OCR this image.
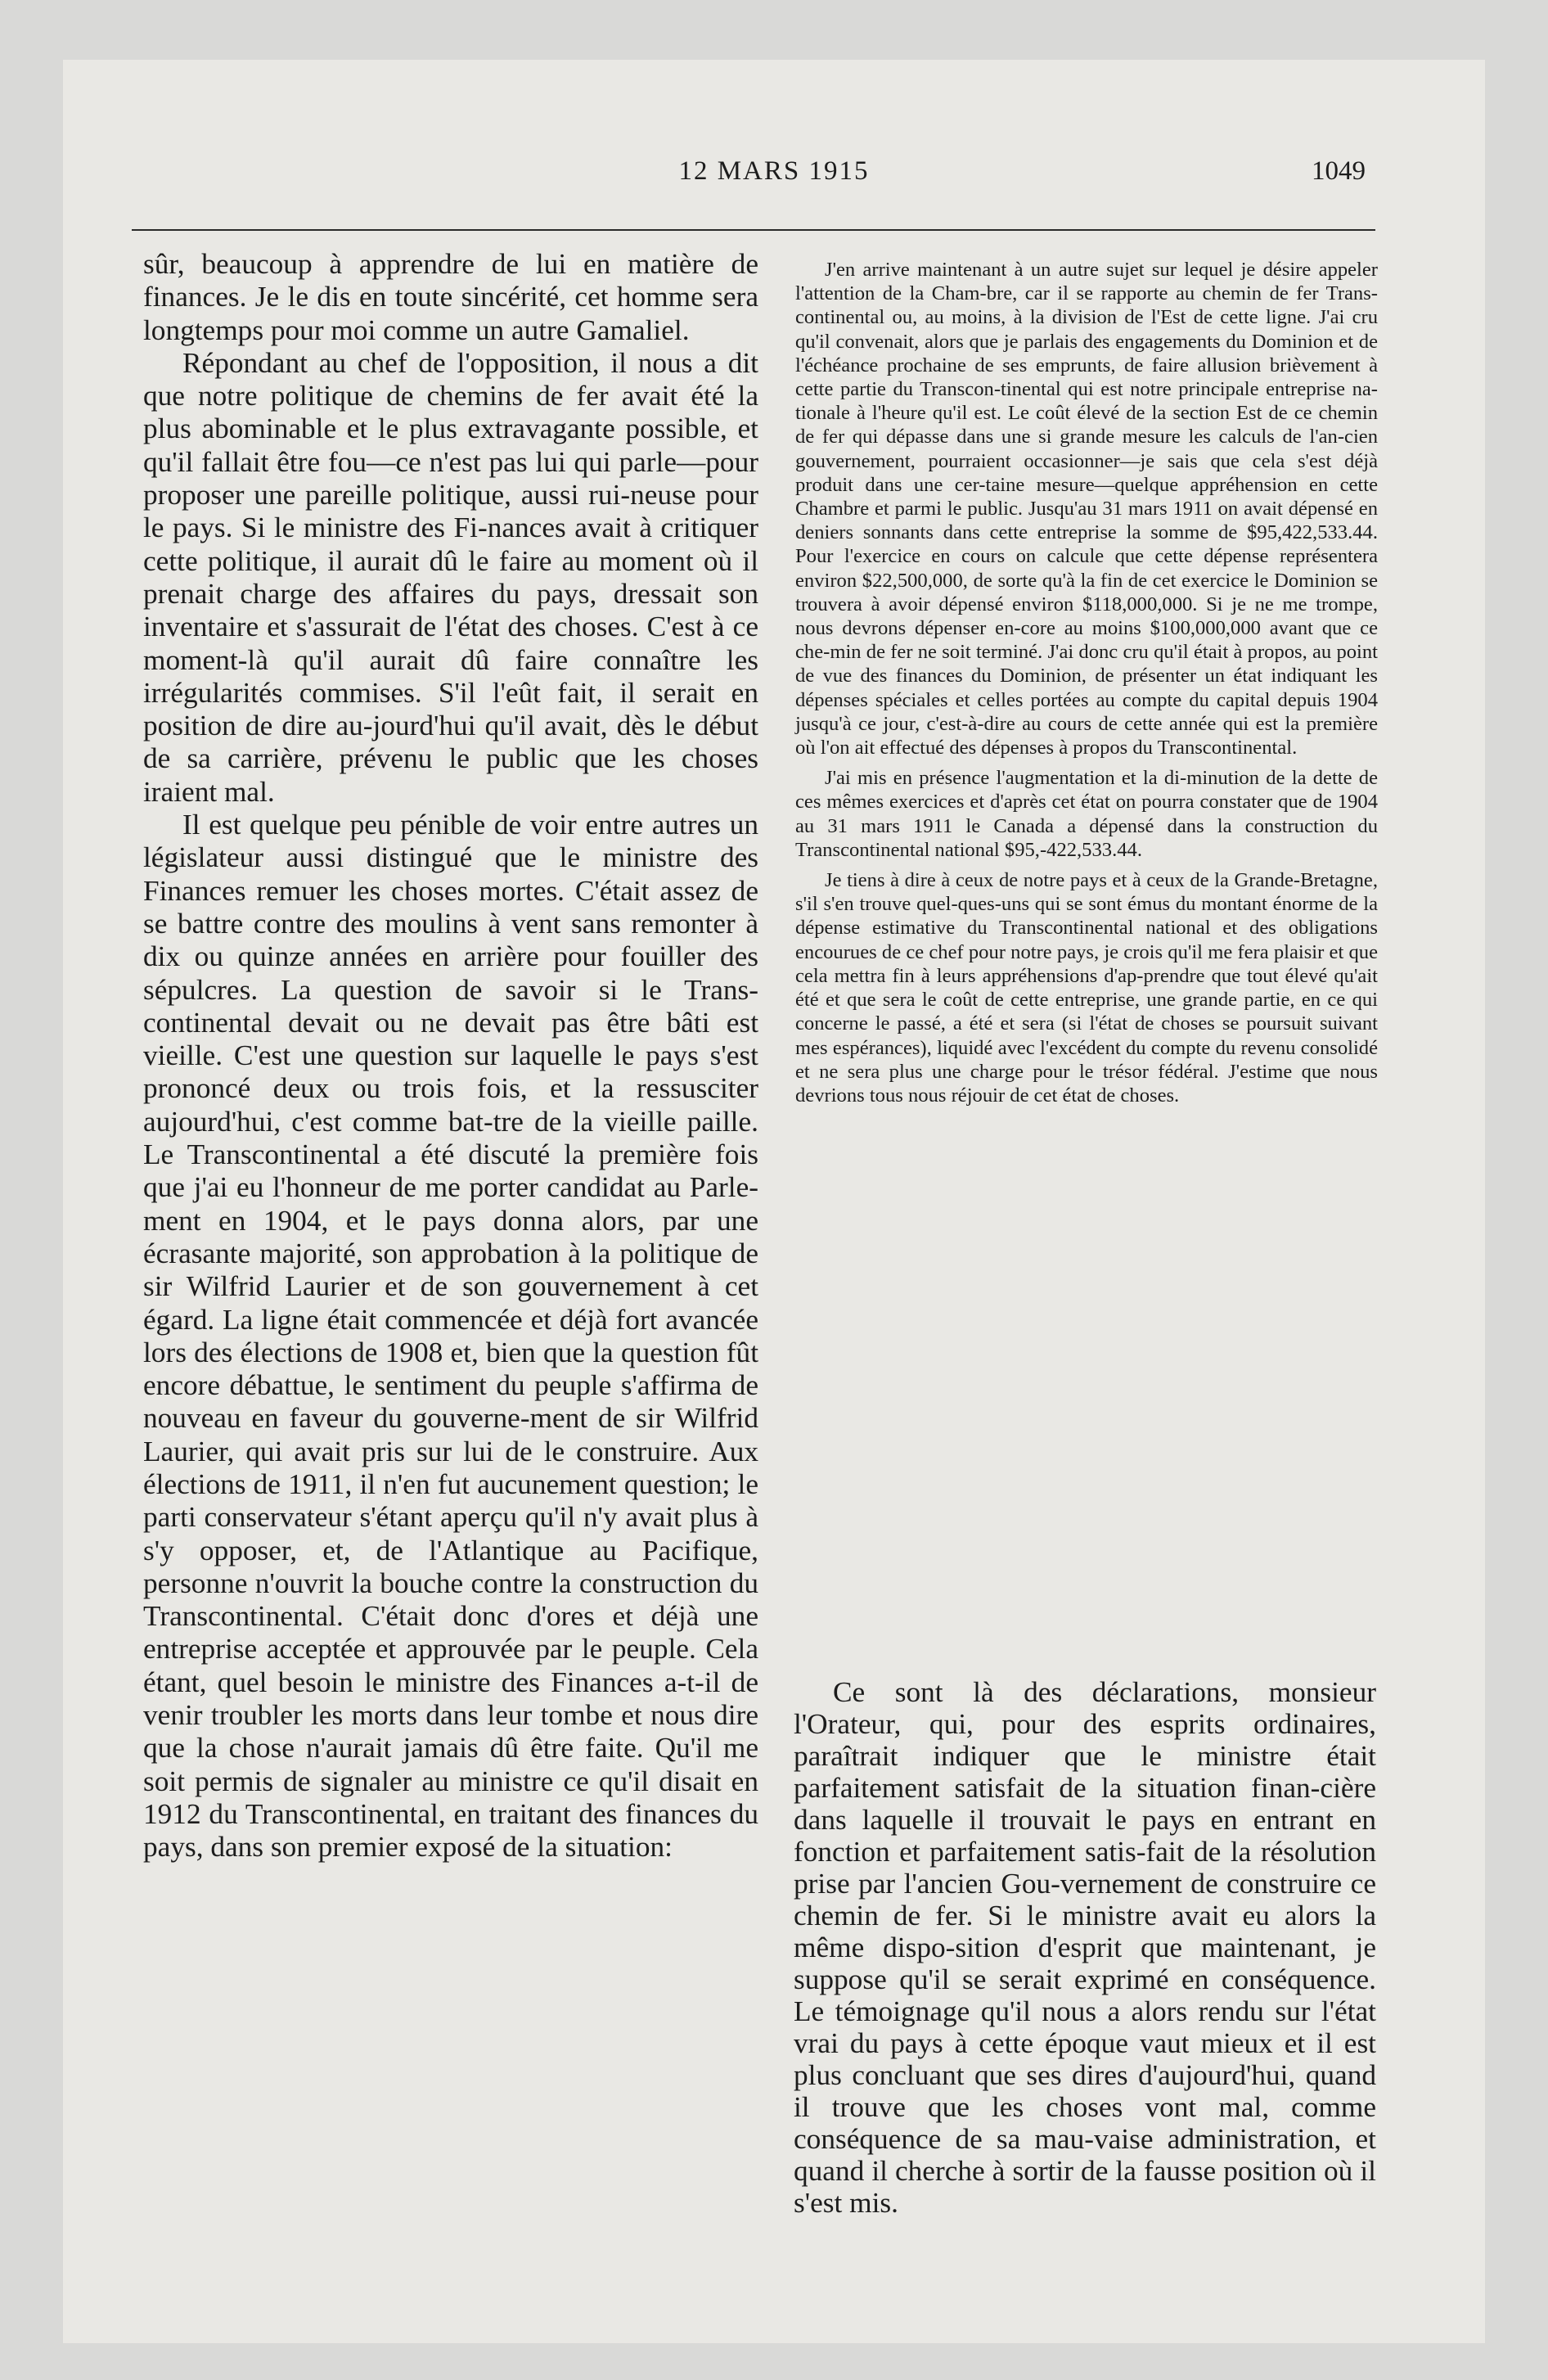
12 MARS 1915	1049

sûr, beaucoup à apprendre de lui en matière de finances. Je le dis en toute sincérité, cet homme sera longtemps pour moi comme un autre Gamaliel.

Répondant au chef de l'opposition, il nous a dit que notre politique de chemins de fer avait été la plus abominable et le plus extravagante possible, et qu'il fallait être fou—ce n'est pas lui qui parle—pour proposer une pareille politique, aussi rui-neuse pour le pays. Si le ministre des Fi-nances avait à critiquer cette politique, il aurait dû le faire au moment où il prenait charge des affaires du pays, dressait son inventaire et s'assurait de l'état des choses. C'est à ce moment-là qu'il aurait dû faire connaître les irrégularités commises. S'il l'eût fait, il serait en position de dire au-jourd'hui qu'il avait, dès le début de sa carrière, prévenu le public que les choses iraient mal.

Il est quelque peu pénible de voir entre autres un législateur aussi distingué que le ministre des Finances remuer les choses mortes. C'était assez de se battre contre des moulins à vent sans remonter à dix ou quinze années en arrière pour fouiller des sépulcres. La question de savoir si le Trans-continental devait ou ne devait pas être bâti est vieille. C'est une question sur laquelle le pays s'est prononcé deux ou trois fois, et la ressusciter aujourd'hui, c'est comme bat-tre de la vieille paille. Le Transcontinental a été discuté la première fois que j'ai eu l'honneur de me porter candidat au Parle-ment en 1904, et le pays donna alors, par une écrasante majorité, son approbation à la politique de sir Wilfrid Laurier et de son gouvernement à cet égard. La ligne était commencée et déjà fort avancée lors des élections de 1908 et, bien que la question fût encore débattue, le sentiment du peuple s'affirma de nouveau en faveur du gouverne-ment de sir Wilfrid Laurier, qui avait pris sur lui de le construire. Aux élections de 1911, il n'en fut aucunement question; le parti conservateur s'étant aperçu qu'il n'y avait plus à s'y opposer, et, de l'Atlantique au Pacifique, personne n'ouvrit la bouche contre la construction du Transcontinental. C'était donc d'ores et déjà une entreprise acceptée et approuvée par le peuple. Cela étant, quel besoin le ministre des Finances a-t-il de venir troubler les morts dans leur tombe et nous dire que la chose n'aurait jamais dû être faite. Qu'il me soit permis de signaler au ministre ce qu'il disait en 1912 du Transcontinental, en traitant des finances du pays, dans son premier exposé de la situation:

J'en arrive maintenant à un autre sujet sur lequel je désire appeler l'attention de la Cham-bre, car il se rapporte au chemin de fer Trans-continental ou, au moins, à la division de l'Est de cette ligne. J'ai cru qu'il convenait, alors que je parlais des engagements du Dominion et de l'échéance prochaine de ses emprunts, de faire allusion brièvement à cette partie du Transcon-tinental qui est notre principale entreprise na-tionale à l'heure qu'il est. Le coût élevé de la section Est de ce chemin de fer qui dépasse dans une si grande mesure les calculs de l'an-cien gouvernement, pourraient occasionner—je sais que cela s'est déjà produit dans une cer-taine mesure—quelque appréhension en cette Chambre et parmi le public. Jusqu'au 31 mars 1911 on avait dépensé en deniers sonnants dans cette entreprise la somme de $95,422,533.44. Pour l'exercice en cours on calcule que cette dépense représentera environ $22,500,000, de sorte qu'à la fin de cet exercice le Dominion se trouvera à avoir dépensé environ $118,000,000. Si je ne me trompe, nous devrons dépenser en-core au moins $100,000,000 avant que ce che-min de fer ne soit terminé. J'ai donc cru qu'il était à propos, au point de vue des finances du Dominion, de présenter un état indiquant les dépenses spéciales et celles portées au compte du capital depuis 1904 jusqu'à ce jour, c'est-à-dire au cours de cette année qui est la première où l'on ait effectué des dépenses à propos du Transcontinental.

J'ai mis en présence l'augmentation et la di-minution de la dette de ces mêmes exercices et d'après cet état on pourra constater que de 1904 au 31 mars 1911 le Canada a dépensé dans la construction du Transcontinental national $95,-422,533.44.

Je tiens à dire à ceux de notre pays et à ceux de la Grande-Bretagne, s'il s'en trouve quel-ques-uns qui se sont émus du montant énorme de la dépense estimative du Transcontinental national et des obligations encourues de ce chef pour notre pays, je crois qu'il me fera plaisir et que cela mettra fin à leurs appréhensions d'ap-prendre que tout élevé qu'ait été et que sera le coût de cette entreprise, une grande partie, en ce qui concerne le passé, a été et sera (si l'état de choses se poursuit suivant mes espérances), liquidé avec l'excédent du compte du revenu consolidé et ne sera plus une charge pour le trésor fédéral. J'estime que nous devrions tous nous réjouir de cet état de choses.

Ce sont là des déclarations, monsieur l'Orateur, qui, pour des esprits ordinaires, paraîtrait indiquer que le ministre était parfaitement satisfait de la situation finan-cière dans laquelle il trouvait le pays en entrant en fonction et parfaitement satis-fait de la résolution prise par l'ancien Gou-vernement de construire ce chemin de fer. Si le ministre avait eu alors la même dispo-sition d'esprit que maintenant, je suppose qu'il se serait exprimé en conséquence. Le témoignage qu'il nous a alors rendu sur l'état vrai du pays à cette époque vaut mieux et il est plus concluant que ses dires d'aujourd'hui, quand il trouve que les choses vont mal, comme conséquence de sa mau-vaise administration, et quand il cherche à sortir de la fausse position où il s'est mis.
